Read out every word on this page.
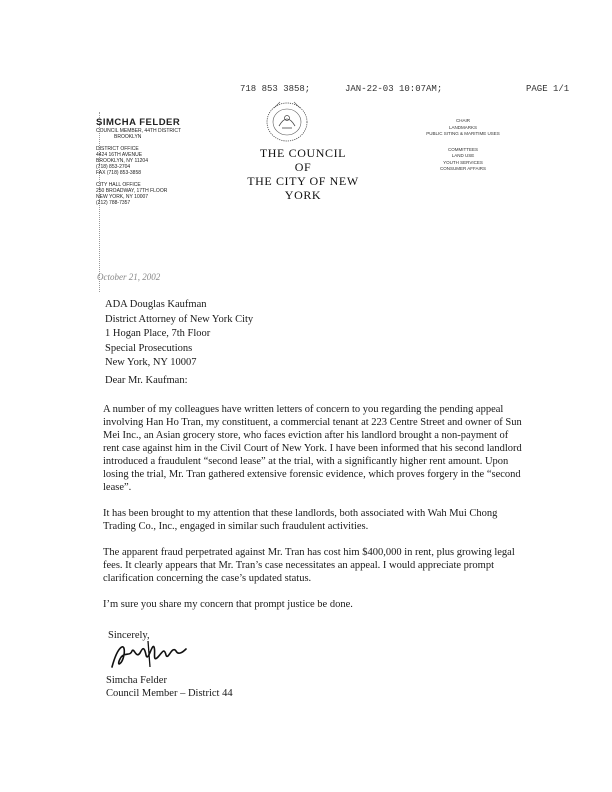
718 853 3858;	JAN-22-03 10:07AM;	PAGE 1/1
SIMCHA FELDER
COUNCIL MEMBER, 44TH DISTRICT
BROOKLYN
DISTRICT OFFICE
4424 16TH AVENUE
BROOKLYN, NY 11204
(718) 853-2704
FAX (718) 853-3858
CITY HALL OFFICE
250 BROADWAY, 17TH FLOOR
NEW YORK, NY 10007
(212) 788-7357
THE COUNCIL
OF
THE CITY OF NEW YORK
CHAIR
LANDMARKS
PUBLIC SITING & MARITIME USES
COMMITTEES
LAND USE
YOUTH SERVICES
CONSUMER AFFAIRS
October 21, 2002
ADA Douglas Kaufman
District Attorney of New York City
1 Hogan Place, 7th Floor
Special Prosecutions
New York, NY 10007
Dear Mr. Kaufman:

A number of my colleagues have written letters of concern to you regarding the pending appeal involving Han Ho Tran, my constituent, a commercial tenant at 223 Centre Street and owner of Sun Mei Inc., an Asian grocery store, who faces eviction after his landlord brought a non-payment of rent case against him in the Civil Court of New York. I have been informed that his second landlord introduced a fraudulent “second lease” at the trial, with a significantly higher rent amount. Upon losing the trial, Mr. Tran gathered extensive forensic evidence, which proves forgery in the “second lease”.

It has been brought to my attention that these landlords, both associated with Wah Mui Chong Trading Co., Inc., engaged in similar such fraudulent activities.

The apparent fraud perpetrated against Mr. Tran has cost him $400,000 in rent, plus growing legal fees. It clearly appears that Mr. Tran’s case necessitates an appeal. I would appreciate prompt clarification concerning the case’s updated status.

I’m sure you share my concern that prompt justice be done.

Sincerely,
Simcha Felder
Council Member – District 44
